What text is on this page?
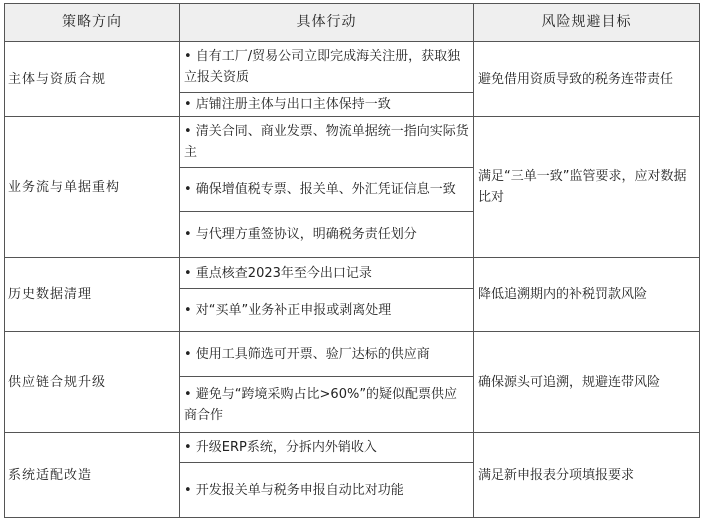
策略方向	具体行动	风险规避目标
主体与资质合规	• 自有工厂/贸易公司立即完成海关注册，获取独立报关资质	避免借用资质导致的税务连带责任
	• 店铺注册主体与出口主体保持一致	
业务流与单据重构	• 清关合同、商业发票、物流单据统一指向实际货主	满足“三单一致”监管要求，应对数据比对
	• 确保增值税专票、报关单、外汇凭证信息一致	
	• 与代理方重签协议，明确税务责任划分	
历史数据清理	• 重点核查2023年至今出口记录	降低追溯期内的补税罚款风险
	• 对“买单”业务补正申报或剥离处理	
供应链合规升级	• 使用工具筛选可开票、验厂达标的供应商	确保源头可追溯，规避连带风险
	• 避免与“跨境采购占比>60%”的疑似配票供应商合作	
系统适配改造	• 升级ERP系统，分拆内外销收入	满足新申报表分项填报要求
	• 开发报关单与税务申报自动比对功能	
